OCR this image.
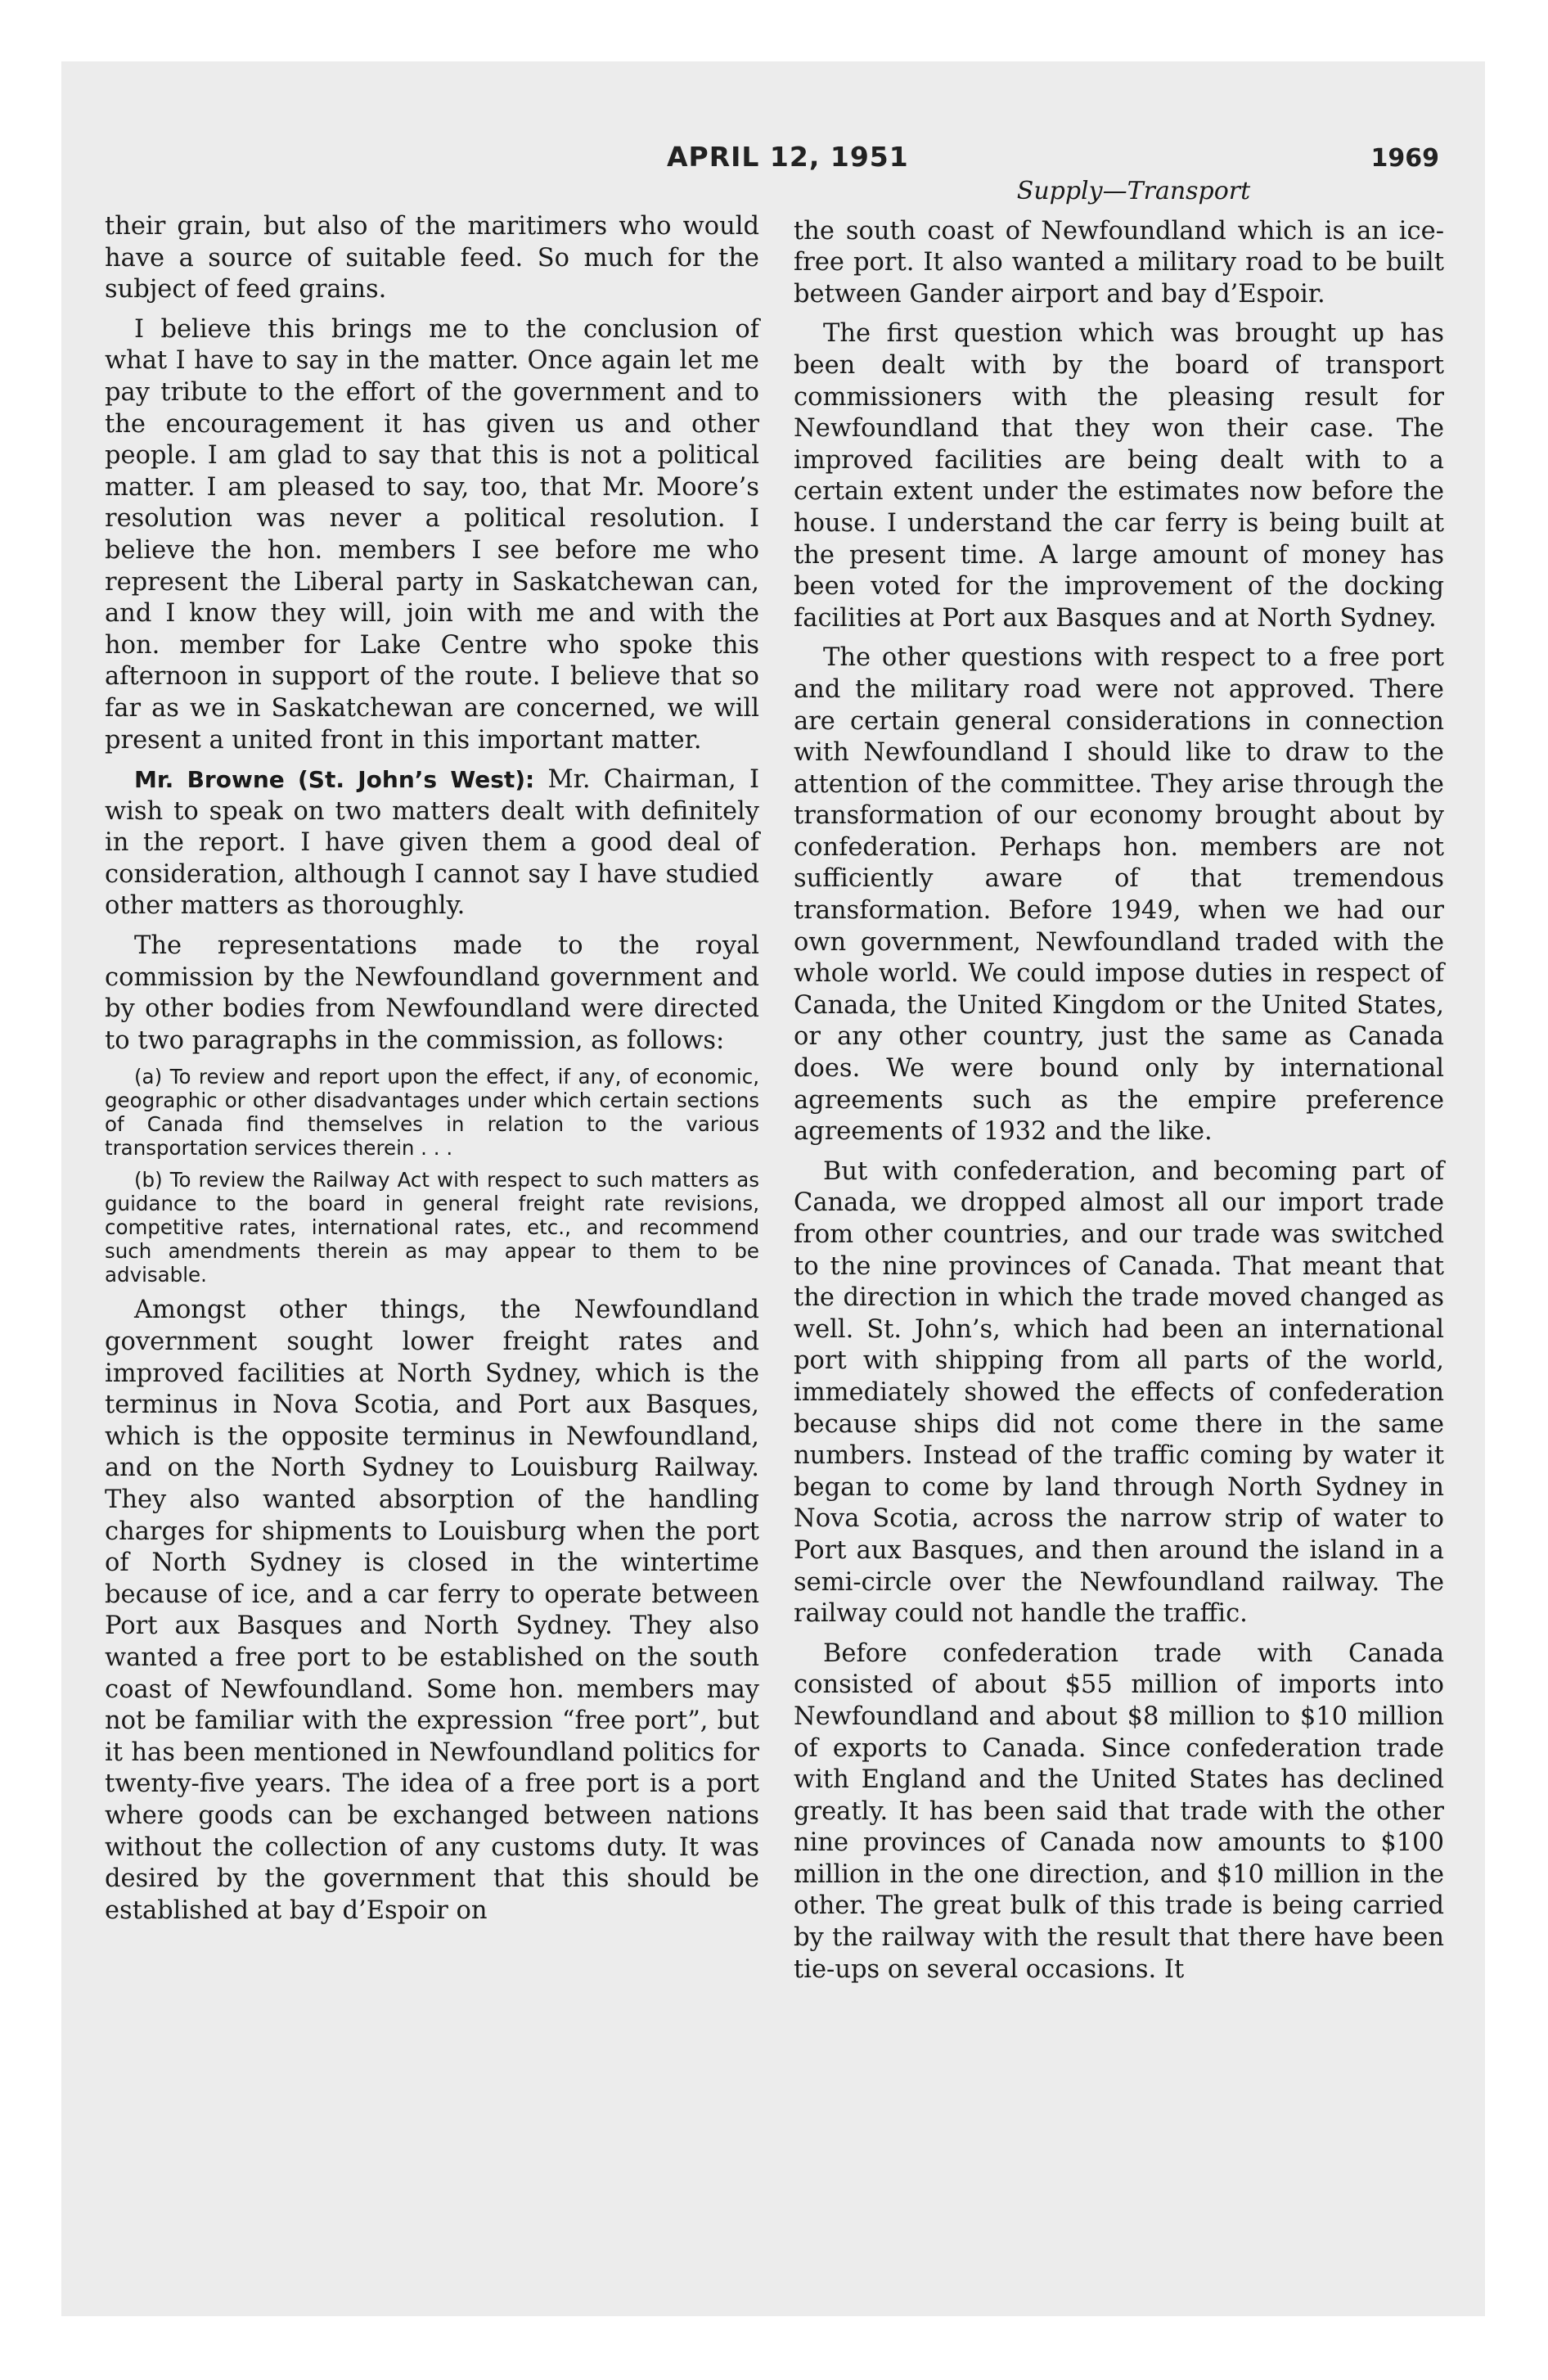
APRIL 12, 1951	1969

their grain, but also of the maritimers who would have a source of suitable feed. So much for the subject of feed grains.

I believe this brings me to the conclusion of what I have to say in the matter. Once again let me pay tribute to the effort of the government and to the encouragement it has given us and other people. I am glad to say that this is not a political matter. I am pleased to say, too, that Mr. Moore’s resolution was never a political resolution. I believe the hon. members I see before me who represent the Liberal party in Saskatchewan can, and I know they will, join with me and with the hon. member for Lake Centre who spoke this afternoon in support of the route. I believe that so far as we in Saskatchewan are concerned, we will present a united front in this important matter.

Mr. Browne (St. John’s West): Mr. Chairman, I wish to speak on two matters dealt with definitely in the report. I have given them a good deal of consideration, although I cannot say I have studied other matters as thoroughly.

The representations made to the royal commission by the Newfoundland government and by other bodies from Newfoundland were directed to two paragraphs in the commission, as follows:

(a) To review and report upon the effect, if any, of economic, geographic or other disadvantages under which certain sections of Canada find themselves in relation to the various transportation services therein . . .

(b) To review the Railway Act with respect to such matters as guidance to the board in general freight rate revisions, competitive rates, international rates, etc., and recommend such amendments therein as may appear to them to be advisable.

Amongst other things, the Newfoundland government sought lower freight rates and improved facilities at North Sydney, which is the terminus in Nova Scotia, and Port aux Basques, which is the opposite terminus in Newfoundland, and on the North Sydney to Louisburg Railway. They also wanted absorption of the handling charges for shipments to Louisburg when the port of North Sydney is closed in the wintertime because of ice, and a car ferry to operate between Port aux Basques and North Sydney. They also wanted a free port to be established on the south coast of Newfoundland. Some hon. members may not be familiar with the expression “free port”, but it has been mentioned in Newfoundland politics for twenty-five years. The idea of a free port is a port where goods can be exchanged between nations without the collection of any customs duty. It was desired by the government that this should be established at bay d’Espoir on

Supply—Transport

the south coast of Newfoundland which is an ice-free port. It also wanted a military road to be built between Gander airport and bay d’Espoir.

The first question which was brought up has been dealt with by the board of transport commissioners with the pleasing result for Newfoundland that they won their case. The improved facilities are being dealt with to a certain extent under the estimates now before the house. I understand the car ferry is being built at the present time. A large amount of money has been voted for the improvement of the docking facilities at Port aux Basques and at North Sydney.

The other questions with respect to a free port and the military road were not approved. There are certain general considerations in connection with Newfoundland I should like to draw to the attention of the committee. They arise through the transformation of our economy brought about by confederation. Perhaps hon. members are not sufficiently aware of that tremendous transformation. Before 1949, when we had our own government, Newfoundland traded with the whole world. We could impose duties in respect of Canada, the United Kingdom or the United States, or any other country, just the same as Canada does. We were bound only by international agreements such as the empire preference agreements of 1932 and the like.

But with confederation, and becoming part of Canada, we dropped almost all our import trade from other countries, and our trade was switched to the nine provinces of Canada. That meant that the direction in which the trade moved changed as well. St. John’s, which had been an international port with shipping from all parts of the world, immediately showed the effects of confederation because ships did not come there in the same numbers. Instead of the traffic coming by water it began to come by land through North Sydney in Nova Scotia, across the narrow strip of water to Port aux Basques, and then around the island in a semi-circle over the Newfoundland railway. The railway could not handle the traffic.

Before confederation trade with Canada consisted of about $55 million of imports into Newfoundland and about $8 million to $10 million of exports to Canada. Since confederation trade with England and the United States has declined greatly. It has been said that trade with the other nine provinces of Canada now amounts to $100 million in the one direction, and $10 million in the other. The great bulk of this trade is being carried by the railway with the result that there have been tie-ups on several occasions. It
